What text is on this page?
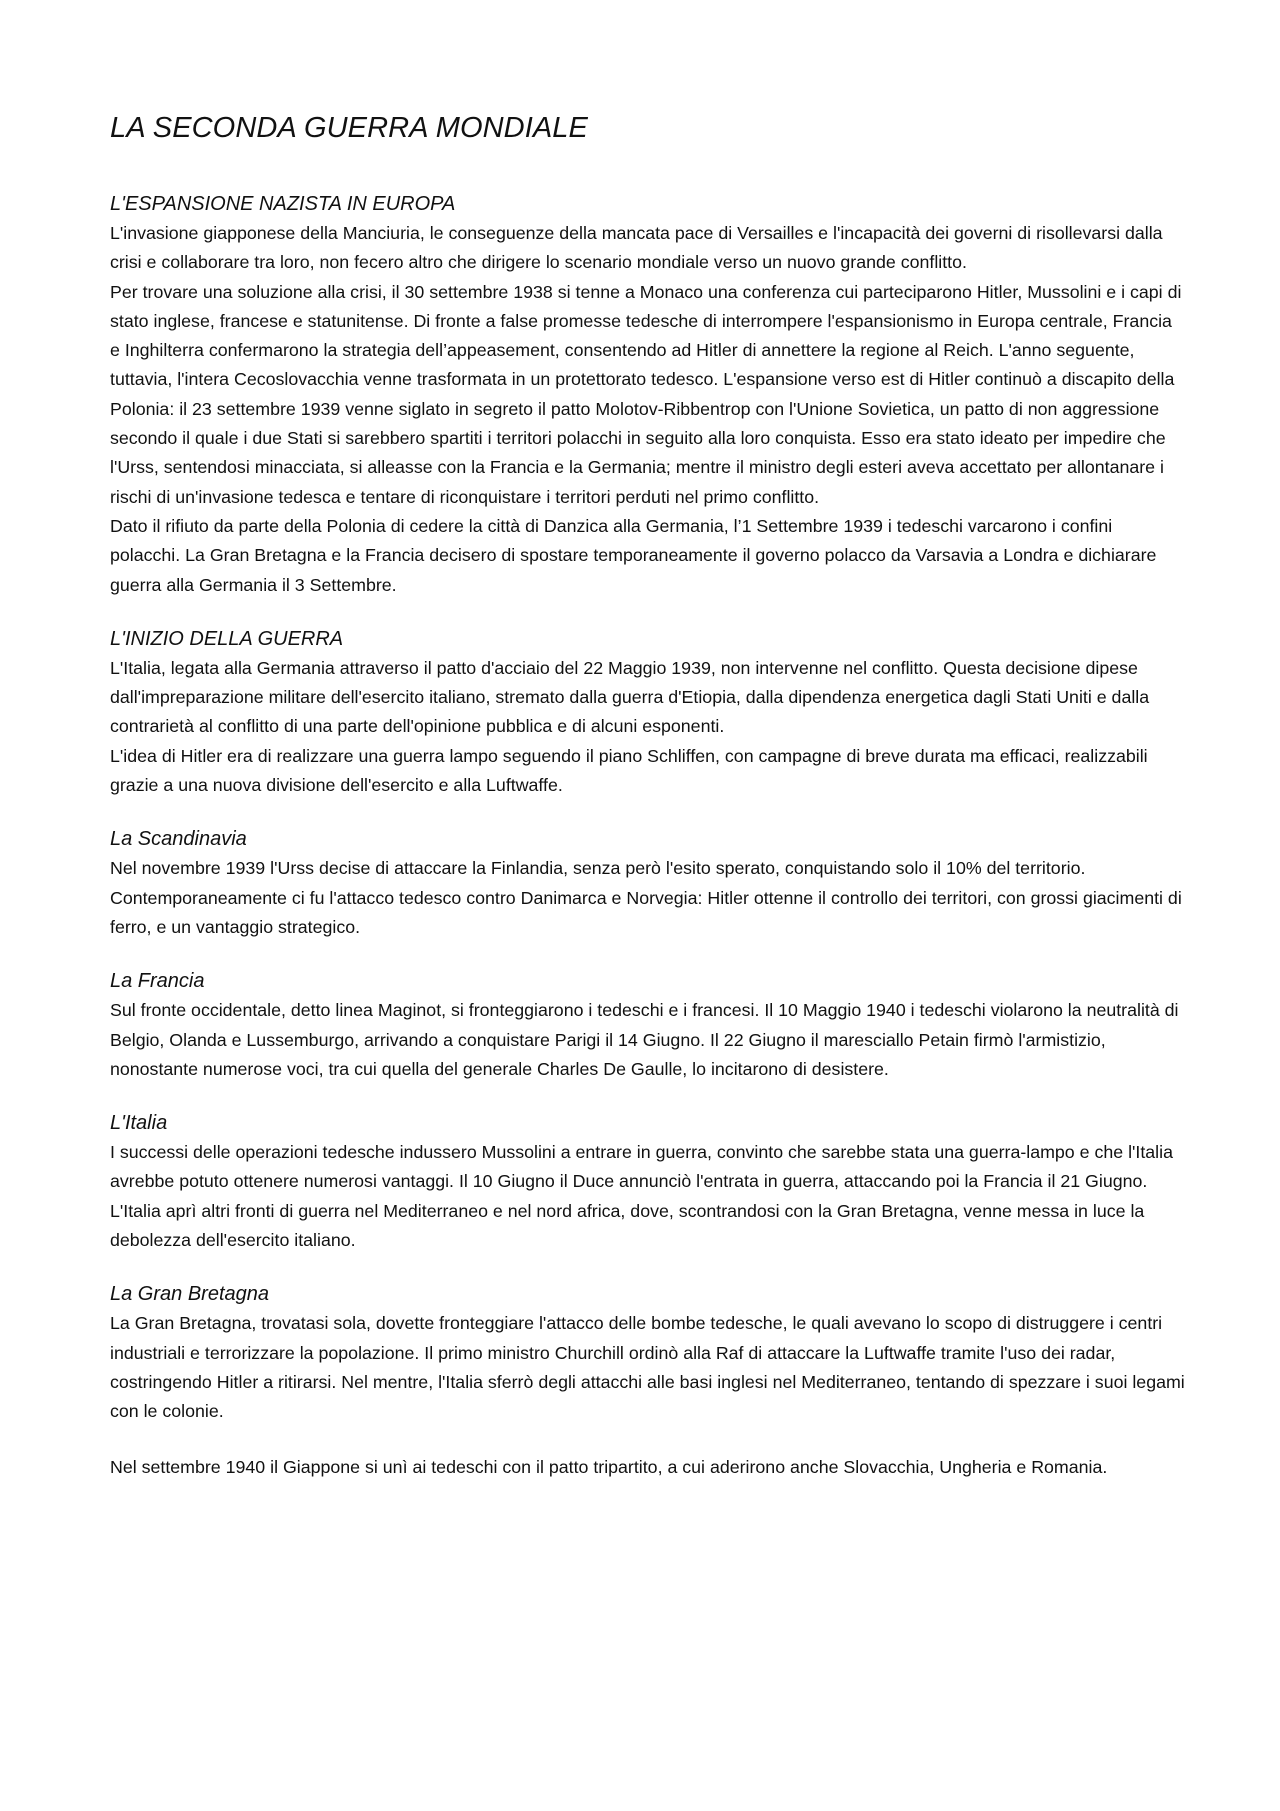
LA SECONDA GUERRA MONDIALE

L'ESPANSIONE NAZISTA IN EUROPA

L'invasione giapponese della Manciuria, le conseguenze della mancata pace di Versailles e l'incapacità dei governi di risollevarsi dalla crisi e collaborare tra loro, non fecero altro che dirigere lo scenario mondiale verso un nuovo grande conflitto.

Per trovare una soluzione alla crisi, il 30 settembre 1938 si tenne a Monaco una conferenza cui parteciparono Hitler, Mussolini e i capi di stato inglese, francese e statunitense. Di fronte a false promesse tedesche di interrompere l'espansionismo in Europa centrale, Francia e Inghilterra confermarono la strategia dell’appeasement, consentendo ad Hitler di annettere la regione al Reich. L'anno seguente, tuttavia, l'intera Cecoslovacchia venne trasformata in un protettorato tedesco. L'espansione verso est di Hitler continuò a discapito della Polonia: il 23 settembre 1939 venne siglato in segreto il patto Molotov-Ribbentrop con l'Unione Sovietica, un patto di non aggressione secondo il quale i due Stati si sarebbero spartiti i territori polacchi in seguito alla loro conquista. Esso era stato ideato per impedire che l'Urss, sentendosi minacciata, si alleasse con la Francia e la Germania; mentre il ministro degli esteri aveva accettato per allontanare i rischi di un'invasione tedesca e tentare di riconquistare i territori perduti nel primo conflitto.

Dato il rifiuto da parte della Polonia di cedere la città di Danzica alla Germania, l’1 Settembre 1939 i tedeschi varcarono i confini polacchi. La Gran Bretagna e la Francia decisero di spostare temporaneamente il governo polacco da Varsavia a Londra e dichiarare guerra alla Germania il 3 Settembre.

L'INIZIO DELLA GUERRA

L'Italia, legata alla Germania attraverso il patto d'acciaio del 22 Maggio 1939, non intervenne nel conflitto. Questa decisione dipese dall'impreparazione militare dell'esercito italiano, stremato dalla guerra d'Etiopia, dalla dipendenza energetica dagli Stati Uniti e dalla contrarietà al conflitto di una parte dell'opinione pubblica e di alcuni esponenti.

L'idea di Hitler era di realizzare una guerra lampo seguendo il piano Schliffen, con campagne di breve durata ma efficaci, realizzabili grazie a una nuova divisione dell'esercito e alla Luftwaffe.

La Scandinavia

Nel novembre 1939 l'Urss decise di attaccare la Finlandia, senza però l'esito sperato, conquistando solo il 10% del territorio. Contemporaneamente ci fu l'attacco tedesco contro Danimarca e Norvegia: Hitler ottenne il controllo dei territori, con grossi giacimenti di ferro, e un vantaggio strategico.

La Francia

Sul fronte occidentale, detto linea Maginot, si fronteggiarono i tedeschi e i francesi. Il 10 Maggio 1940 i tedeschi violarono la neutralità di Belgio, Olanda e Lussemburgo, arrivando a conquistare Parigi il 14 Giugno. Il 22 Giugno il maresciallo Petain firmò l'armistizio, nonostante numerose voci, tra cui quella del generale Charles De Gaulle, lo incitarono di desistere.

L'Italia

I successi delle operazioni tedesche indussero Mussolini a entrare in guerra, convinto che sarebbe stata una guerra-lampo e che l'Italia avrebbe potuto ottenere numerosi vantaggi. Il 10 Giugno il Duce annunciò l'entrata in guerra, attaccando poi la Francia il 21 Giugno. L'Italia aprì altri fronti di guerra nel Mediterraneo e nel nord africa, dove, scontrandosi con la Gran Bretagna, venne messa in luce la debolezza dell'esercito italiano.

La Gran Bretagna

La Gran Bretagna, trovatasi sola, dovette fronteggiare l'attacco delle bombe tedesche, le quali avevano lo scopo di distruggere i centri industriali e terrorizzare la popolazione. Il primo ministro Churchill ordinò alla Raf di attaccare la Luftwaffe tramite l'uso dei radar, costringendo Hitler a ritirarsi. Nel mentre, l'Italia sferrò degli attacchi alle basi inglesi nel Mediterraneo, tentando di spezzare i suoi legami con le colonie.

Nel settembre 1940 il Giappone si unì ai tedeschi con il patto tripartito, a cui aderirono anche Slovacchia, Ungheria e Romania.
